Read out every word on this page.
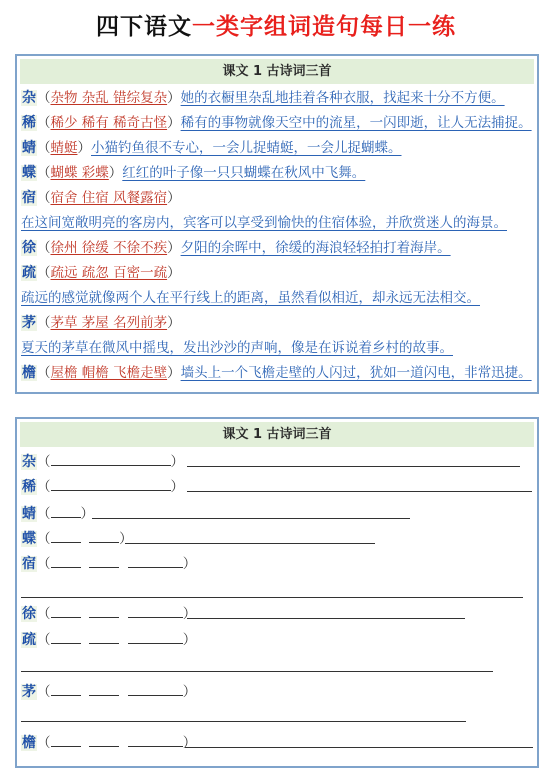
四下语文一类字组词造句每日一练
课文 1 古诗词三首
杂（杂物 杂乱 错综复杂）她的衣橱里杂乱地挂着各种衣服，找起来十分不方便。
稀（稀少 稀有 稀奇古怪）稀有的事物就像天空中的流星，一闪即逝，让人无法捕捉。
蜻（蜻蜓）小猫钓鱼很不专心，一会儿捉蜻蜓，一会儿捉蝴蝶。
蝶（蝴蝶 彩蝶）红红的叶子像一只只蝴蝶在秋风中飞舞。
宿（宿舍 住宿 风餐露宿）
在这间宽敞明亮的客房内，宾客可以享受到愉快的住宿体验，并欣赏迷人的海景。
徐（徐州 徐缓 不徐不疾）夕阳的余晖中，徐缓的海浪轻轻拍打着海岸。
疏（疏远 疏忽 百密一疏）
疏远的感觉就像两个人在平行线上的距离，虽然看似相近，却永远无法相交。
茅（茅草 茅屋 名列前茅）
夏天的茅草在微风中摇曳，发出沙沙的声响，像是在诉说着乡村的故事。
檐（屋檐 帽檐 飞檐走壁）墙头上一个飞檐走壁的人闪过，犹如一道闪电，非常迅捷。
课文 1 古诗词三首
杂（	）
稀（	）
蜻（ ）
蝶（	）
宿（	）
徐（	）
疏（	）
茅（	）
檐（	）
